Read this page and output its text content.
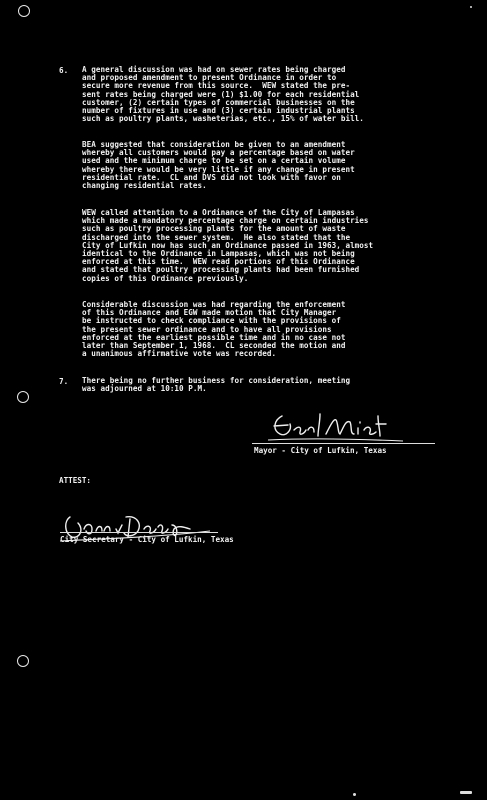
6. A general discussion was had on sewer rates being charged
and proposed amendment to present Ordinance in order to
secure more revenue from this source.  WEW stated the pre-
sent rates being charged were (1) $1.00 for each residential
customer, (2) certain types of commercial businesses on the
number of fixtures in use and (3) certain industrial plants
such as poultry plants, washeterias, etc., 15% of water bill.
BEA suggested that consideration be given to an amendment
whereby all customers would pay a percentage based on water
used and the minimum charge to be set on a certain volume
whereby there would be very little if any change in present
residential rate.  CL and DVS did not look with favor on
changing residential rates.
WEW called attention to a Ordinance of the City of Lampasas
which made a mandatory percentage charge on certain industries
such as poultry processing plants for the amount of waste
discharged into the sewer system.  He also stated that the
City of Lufkin now has such an Ordinance passed in 1963, almost
identical to the Ordinance in Lampasas, which was not being
enforced at this time.  WEW read portions of this Ordinance
and stated that poultry processing plants had been furnished
copies of this Ordinance previously.
Considerable discussion was had regarding the enforcement
of this Ordinance and EGW made motion that City Manager
be instructed to check compliance with the provisions of
the present sewer ordinance and to have all provisions
enforced at the earliest possible time and in no case not
later than September 1, 1968.  CL seconded the motion and
a unanimous affirmative vote was recorded.
7. There being no further business for consideration, meeting
was adjourned at 10:10 P.M.
Mayor - City of Lufkin, Texas
ATTEST:
City Secretary - City of Lufkin, Texas
